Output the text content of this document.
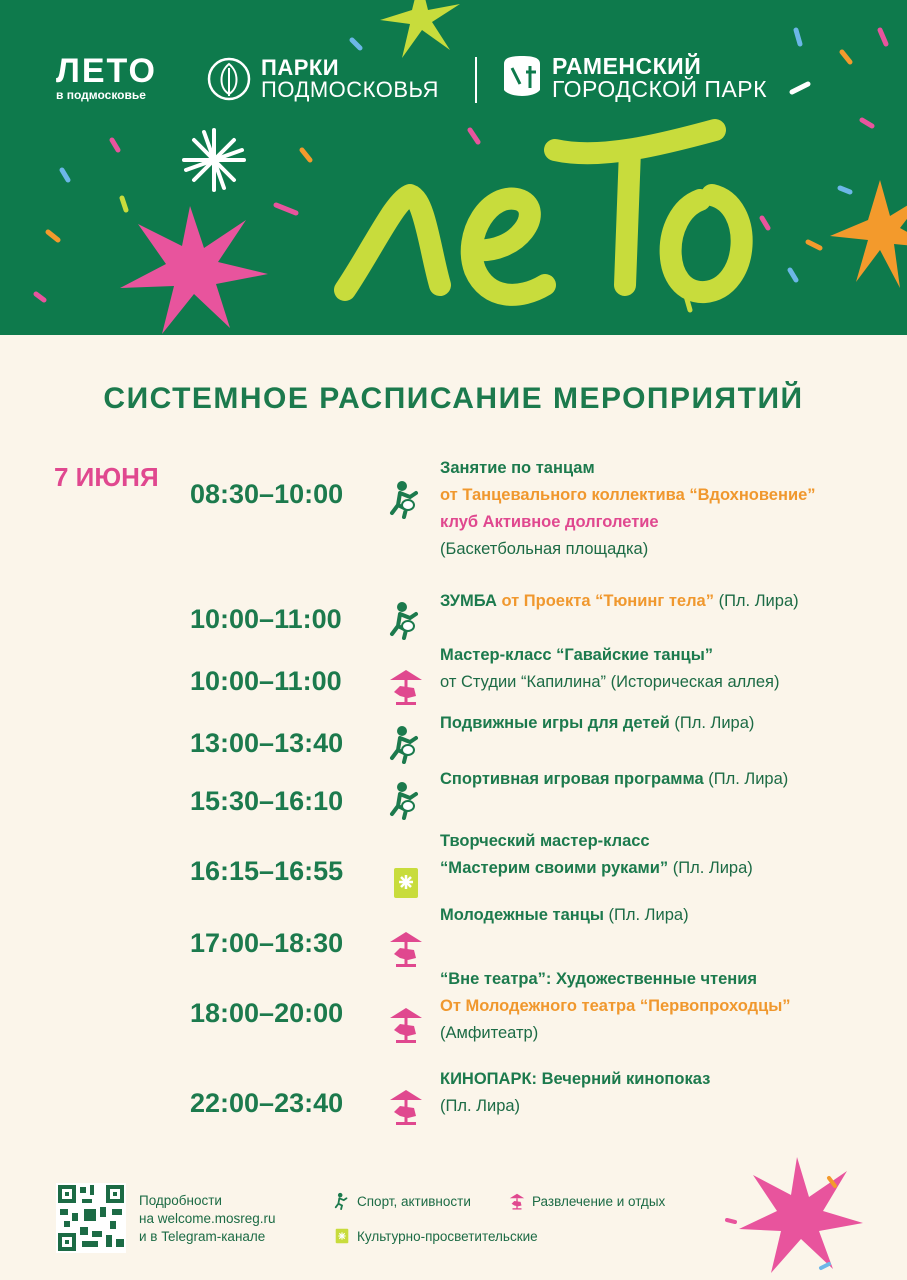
ЛЕТО
в подмосковье
ПАРКИ
ПОДМОСКОВЬЯ
РАМЕНСКИЙ
ГОРОДСКОЙ ПАРК
СИСТЕМНОЕ РАСПИСАНИЕ МЕРОПРИЯТИЙ
7 ИЮНЯ
08:30–10:00
Занятие по танцам
от Танцевального коллектива “Вдохновение”
клуб Активное долголетие
(Баскетбольная площадка)
10:00–11:00
ЗУМБА от Проекта “Тюнинг тела” (Пл. Лира)
10:00–11:00
Мастер-класс “Гавайские танцы”
от Студии “Капилина” (Историческая аллея)
13:00–13:40
Подвижные игры для детей (Пл. Лира)
15:30–16:10
Спортивная игровая программа (Пл. Лира)
16:15–16:55
Творческий мастер-класс
“Мастерим своими руками” (Пл. Лира)
17:00–18:30
Молодежные танцы (Пл. Лира)
18:00–20:00
“Вне театра”: Художественные чтения
От Молодежного театра “Первопроходцы”
(Амфитеатр)
22:00–23:40
КИНОПАРК: Вечерний кинопоказ
(Пл. Лира)
Подробности
на welcome.mosreg.ru
и в Telegram-канале
Спорт, активности	Развлечение и отдых
Культурно-просветительские
